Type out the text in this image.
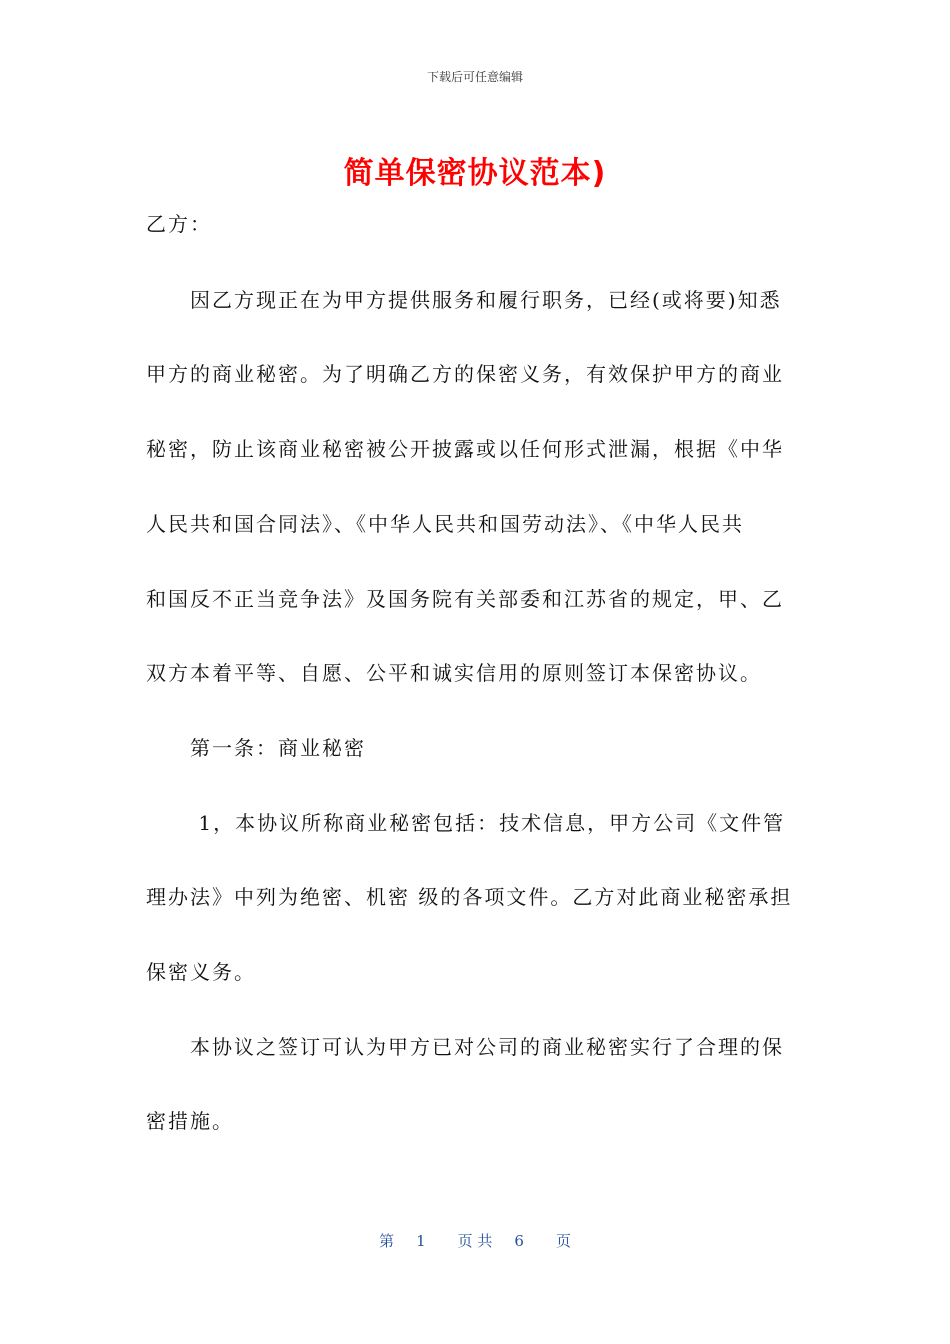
下载后可任意编辑
简单保密协议范本)
乙方：
　　因乙方现正在为甲方提供服务和履行职务，已经(或将要)知悉
甲方的商业秘密。为了明确乙方的保密义务，有效保护甲方的商业
秘密，防止该商业秘密被公开披露或以任何形式泄漏，根据《中华
人民共和国合同法》、《中华人民共和国劳动法》、《中华人民共
和国反不正当竞争法》及国务院有关部委和江苏省的规定，甲、乙
双方本着平等、自愿、公平和诚实信用的原则签订本保密协议。
　　第一条：商业秘密
　　 1，本协议所称商业秘密包括：技术信息，甲方公司《文件管
理办法》中列为绝密、机密 级的各项文件。乙方对此商业秘密承担
保密义务。
　　本协议之签订可认为甲方已对公司的商业秘密实行了合理的保
密措施。
第 1 页 共 6 页
